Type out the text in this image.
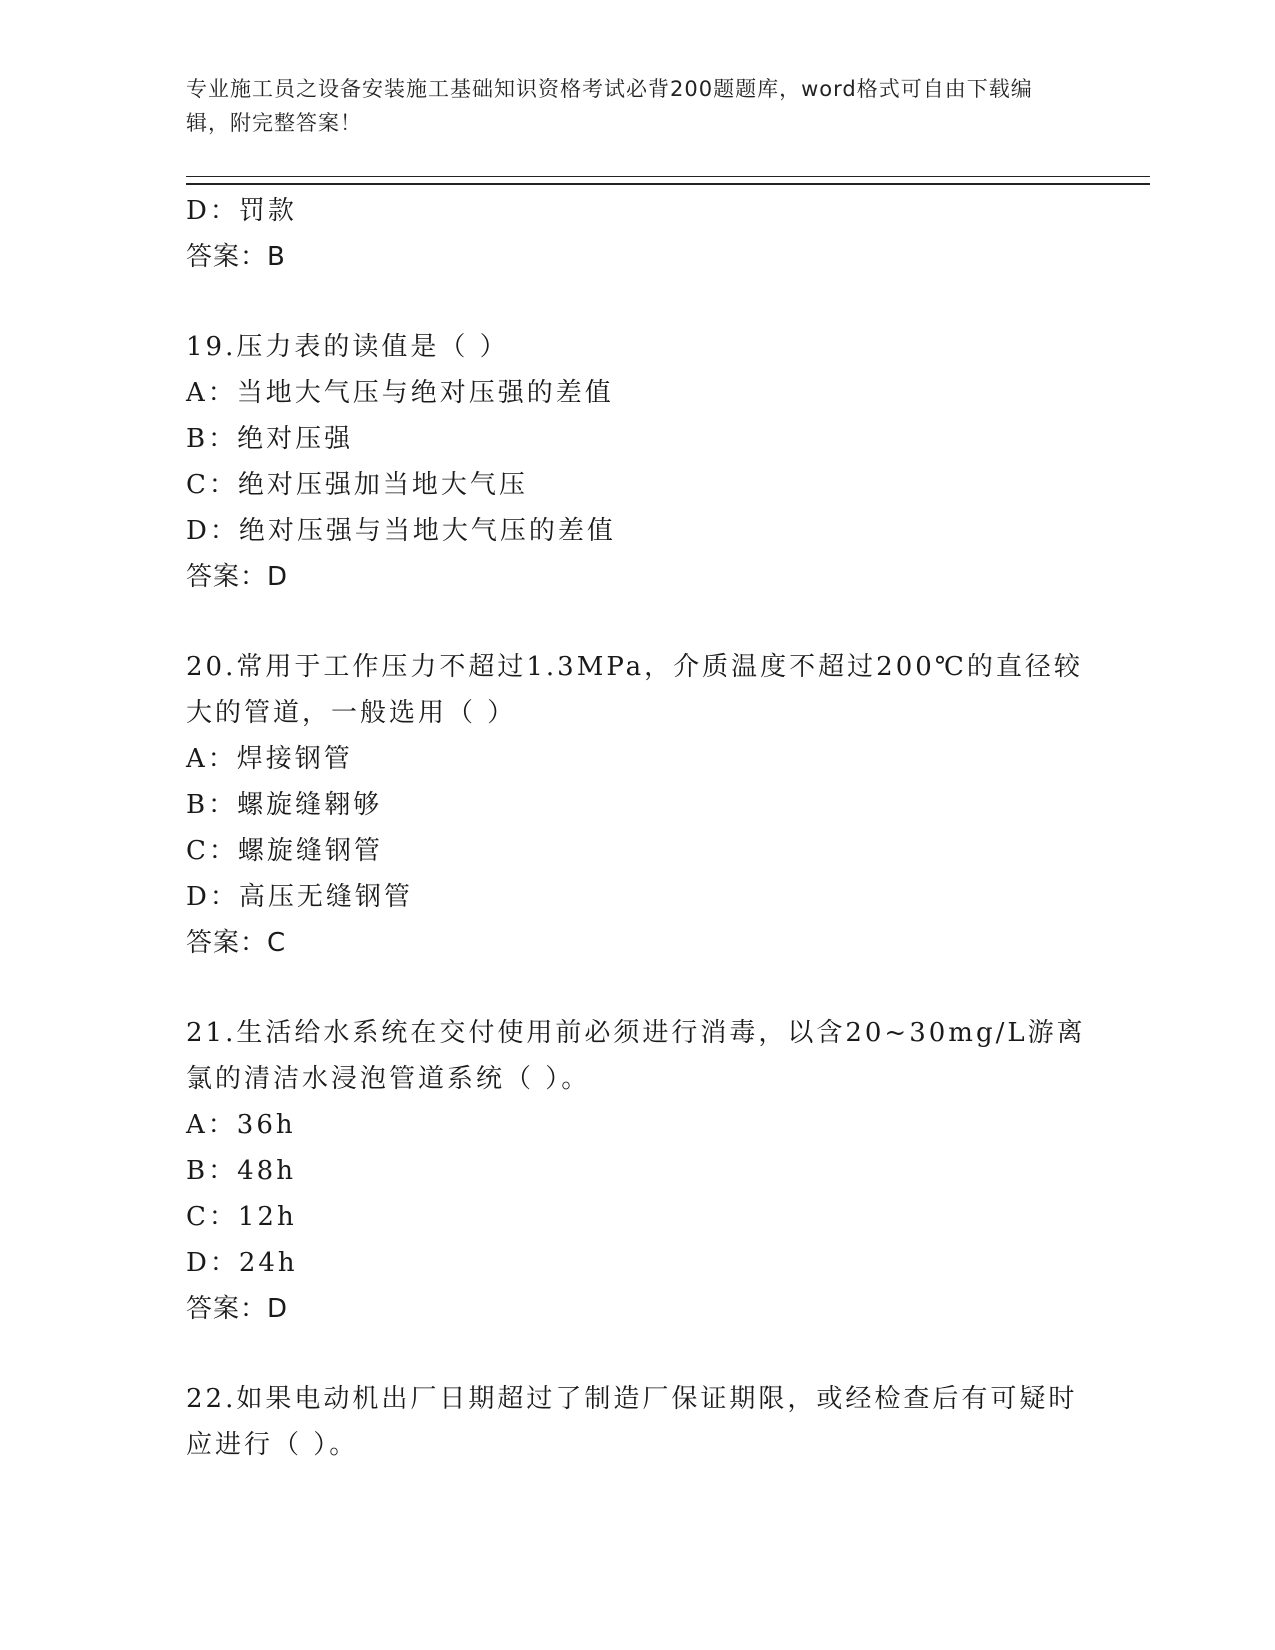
专业施工员之设备安装施工基础知识资格考试必背200题题库，word格式可自由下载编辑，附完整答案！
D：罚款
答案：B
19.压力表的读值是（ ）
A：当地大气压与绝对压强的差值
B：绝对压强
C：绝对压强加当地大气压
D：绝对压强与当地大气压的差值
答案：D
20.常用于工作压力不超过1.3MPa，介质温度不超过200℃的直径较大的管道，一般选用（ ）
A：焊接钢管
B：螺旋缝翱够
C：螺旋缝钢管
D：高压无缝钢管
答案：C
21.生活给水系统在交付使用前必须进行消毒，以含20~30mg/L游离氯的清洁水浸泡管道系统（ ）。
A：36h
B：48h
C：12h
D：24h
答案：D
22.如果电动机出厂日期超过了制造厂保证期限，或经检查后有可疑时应进行（ ）。
